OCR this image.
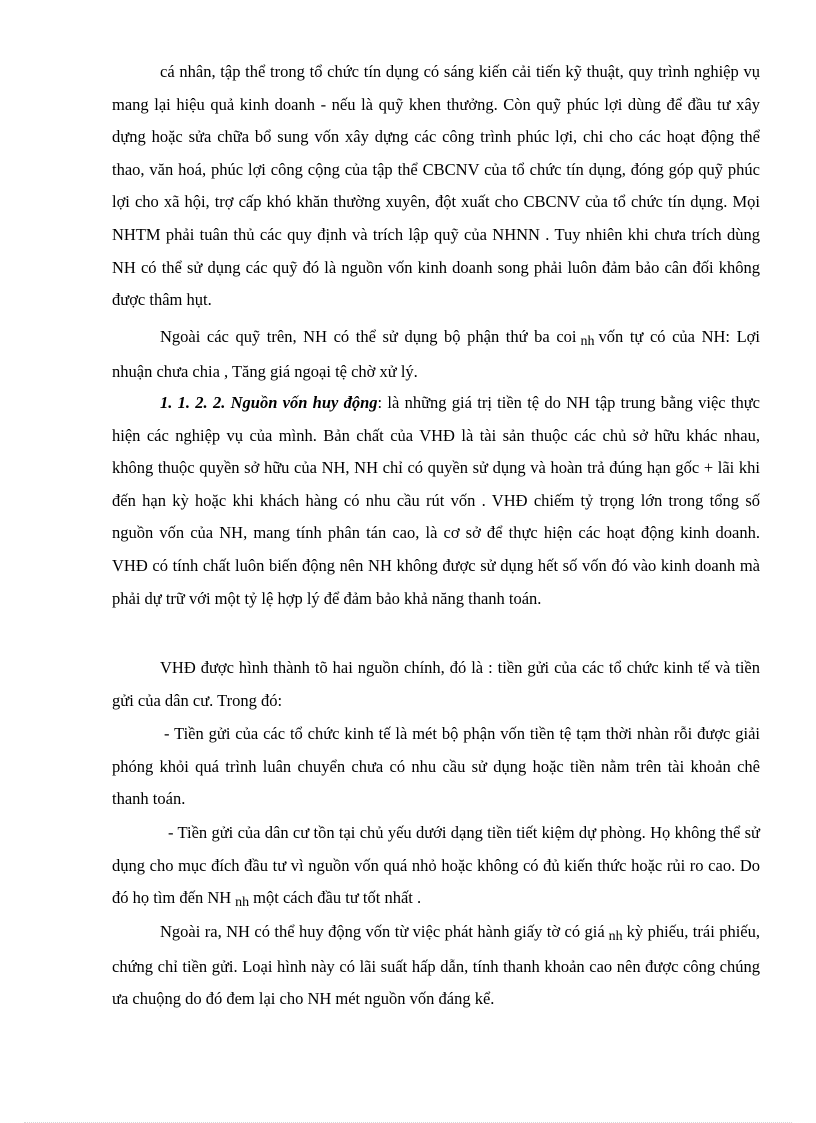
cá nhân, tập thể trong tổ chức tín dụng có sáng kiến cải tiến kỹ thuật, quy trình nghiệp vụ mang lại hiệu quả kinh doanh - nếu là quỹ khen thưởng. Còn quỹ phúc lợi dùng để đầu tư xây dựng hoặc sửa chữa bổ sung vốn xây dựng các công trình phúc lợi, chi cho các hoạt động thể thao, văn hoá, phúc lợi công cộng của tập thể CBCNV của tổ chức tín dụng, đóng góp quỹ phúc lợi cho xã hội, trợ cấp khó khăn thường xuyên, đột xuất cho CBCNV của tổ chức tín dụng. Mọi NHTM phải tuân thủ các quy định và trích lập quỹ của NHNN . Tuy nhiên khi chưa trích dùng NH có thể sử dụng các quỹ đó là nguồn vốn kinh doanh song phải luôn đảm bảo cân đối không được thâm hụt.

Ngoài các quỹ trên, NH có thể sử dụng bộ phận thứ ba coi nh vốn tự có của NH: Lợi nhuận chưa chia , Tăng giá ngoại tệ chờ xử lý.

1. 1. 2. 2. Nguồn vốn huy động: là những giá trị tiền tệ do NH tập trung bằng việc thực hiện các nghiệp vụ của mình. Bản chất của VHĐ là tài sản thuộc các chủ sở hữu khác nhau, không thuộc quyền sở hữu của NH, NH chỉ có quyền sử dụng và hoàn trả đúng hạn gốc + lãi khi đến hạn kỳ hoặc khi khách hàng có nhu cầu rút vốn . VHĐ chiếm tỷ trọng lớn trong tổng số nguồn vốn của NH, mang tính phân tán cao, là cơ sở để thực hiện các hoạt động kinh doanh. VHĐ có tính chất luôn biến động nên NH không được sử dụng hết số vốn đó vào kinh doanh mà phải dự trữ với một tỷ lệ hợp lý để đảm bảo khả năng thanh toán.

VHĐ được hình thành tõ hai nguồn chính, đó là : tiền gửi của các tổ chức kinh tế và tiền gửi của dân cư. Trong đó:

- Tiền gửi của các tổ chức kinh tế là mét bộ phận vốn tiền tệ tạm thời nhàn rỗi được giải phóng khỏi quá trình luân chuyển chưa có nhu cầu sử dụng hoặc tiền nằm trên tài khoản chê thanh toán.

- Tiền gửi của dân cư tồn tại chủ yếu dưới dạng tiền tiết kiệm dự phòng. Họ không thể sử dụng cho mục đích đầu tư vì nguồn vốn quá nhỏ hoặc không có đủ kiến thức hoặc rủi ro cao. Do đó họ tìm đến NH nh một cách đầu tư tốt nhất .

Ngoài ra, NH có thể huy động vốn từ việc phát hành giấy tờ có giá nh kỳ phiếu, trái phiếu, chứng chỉ tiền gửi. Loại hình này có lãi suất hấp dẫn, tính thanh khoản cao nên được công chúng ưa chuộng do đó đem lại cho NH mét nguồn vốn đáng kể.
